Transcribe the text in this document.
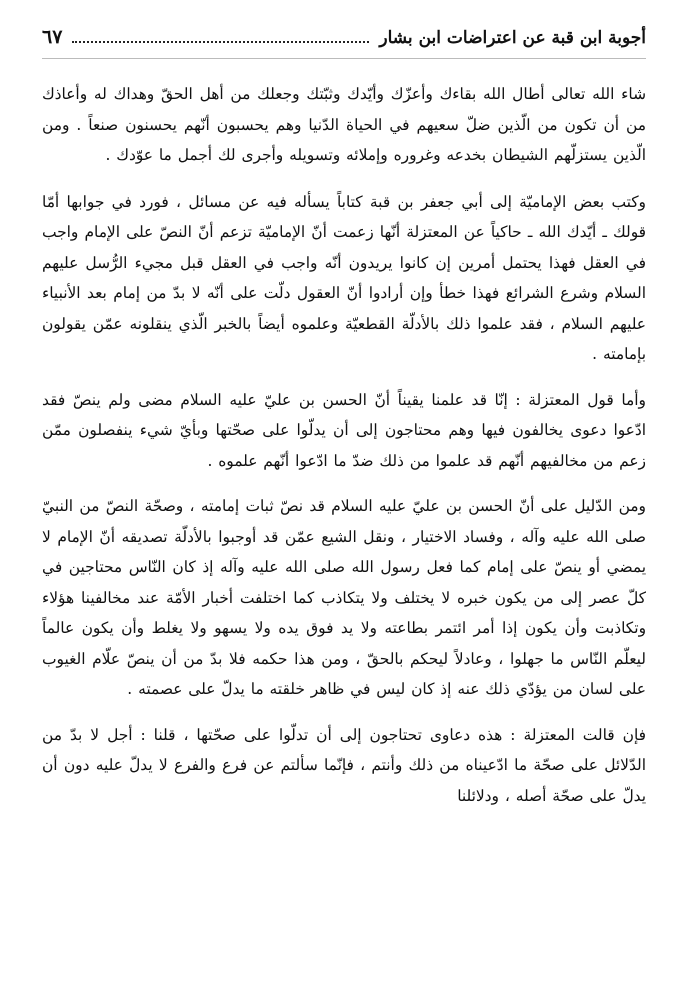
أجوبة ابن قبة عن اعتراضات ابن بشار
٦٧

شاء الله تعالى أطال الله بقاءك وأعزّك وأيّدك وثبّتك وجعلك من أهل الحقّ وهداك له وأعاذك من أن تكون من الّذين ضلّ سعيهم في الحياة الدّنيا وهم يحسبون أنّهم يحسنون صنعاً . ومن الّذين يستزلّهم الشيطان بخدعه وغروره وإملائه وتسويله وأجرى لك أجمل ما عوّدك .

وكتب بعض الإماميّة إلى أبي جعفر بن قبة كتاباً يسأله فيه عن مسائل ، فورد في جوابها أمّا قولك ـ أيّدك الله ـ حاكياً عن المعتزلة أنّها زعمت أنّ الإماميّة تزعم أنّ النصّ على الإمام واجب في العقل فهذا يحتمل أمرين إن كانوا يريدون أنّه واجب في العقل قبل مجيء الرُّسل عليهم السلام وشرع الشرائع فهذا خطأ وإن أرادوا أنّ العقول دلّت على أنّه لا بدّ من إمام بعد الأنبياء عليهم السلام ، فقد علموا ذلك بالأدلّة القطعيّة وعلموه أيضاً بالخبر الّذي ينقلونه عمّن يقولون بإمامته .

وأما قول المعتزلة : إنّا قد علمنا يقيناً أنّ الحسن بن عليّ عليه السلام مضى ولم ينصّ فقد ادّعوا دعوى يخالفون فيها وهم محتاجون إلى أن يدلّوا على صحّتها وبأيّ شيء ينفصلون ممّن زعم من مخالفيهم أنّهم قد علموا من ذلك ضدّ ما ادّعوا أنّهم علموه .

ومن الدّليل على أنّ الحسن بن عليّ عليه السلام قد نصّ ثبات إمامته ، وصحّة النصّ من النبيّ صلى الله عليه وآله ، وفساد الاختيار ، ونقل الشيع عمّن قد أوجبوا بالأدلّة تصديقه أنّ الإمام لا يمضي أو ينصّ على إمام كما فعل رسول الله صلى الله عليه وآله إذ كان النّاس محتاجين في كلّ عصر إلى من يكون خبره لا يختلف ولا يتكاذب كما اختلفت أخبار الأمّة عند مخالفينا هؤلاء وتكاذبت وأن يكون إذا أمر ائتمر بطاعته ولا يد فوق يده ولا يسهو ولا يغلط وأن يكون عالماً ليعلّم النّاس ما جهلوا ، وعادلاً ليحكم بالحقّ ، ومن هذا حكمه فلا بدّ من أن ينصّ علّام الغيوب على لسان من يؤدّي ذلك عنه إذ كان ليس في ظاهر خلقته ما يدلّ على عصمته .

فإن قالت المعتزلة : هذه دعاوى تحتاجون إلى أن تدلّوا على صحّتها ، قلنا : أجل لا بدّ من الدّلائل على صحّة ما ادّعيناه من ذلك وأنتم ، فإنّما سألتم عن فرع والفرع لا يدلّ عليه دون أن يدلّ على صحّة أصله ، ودلائلنا
